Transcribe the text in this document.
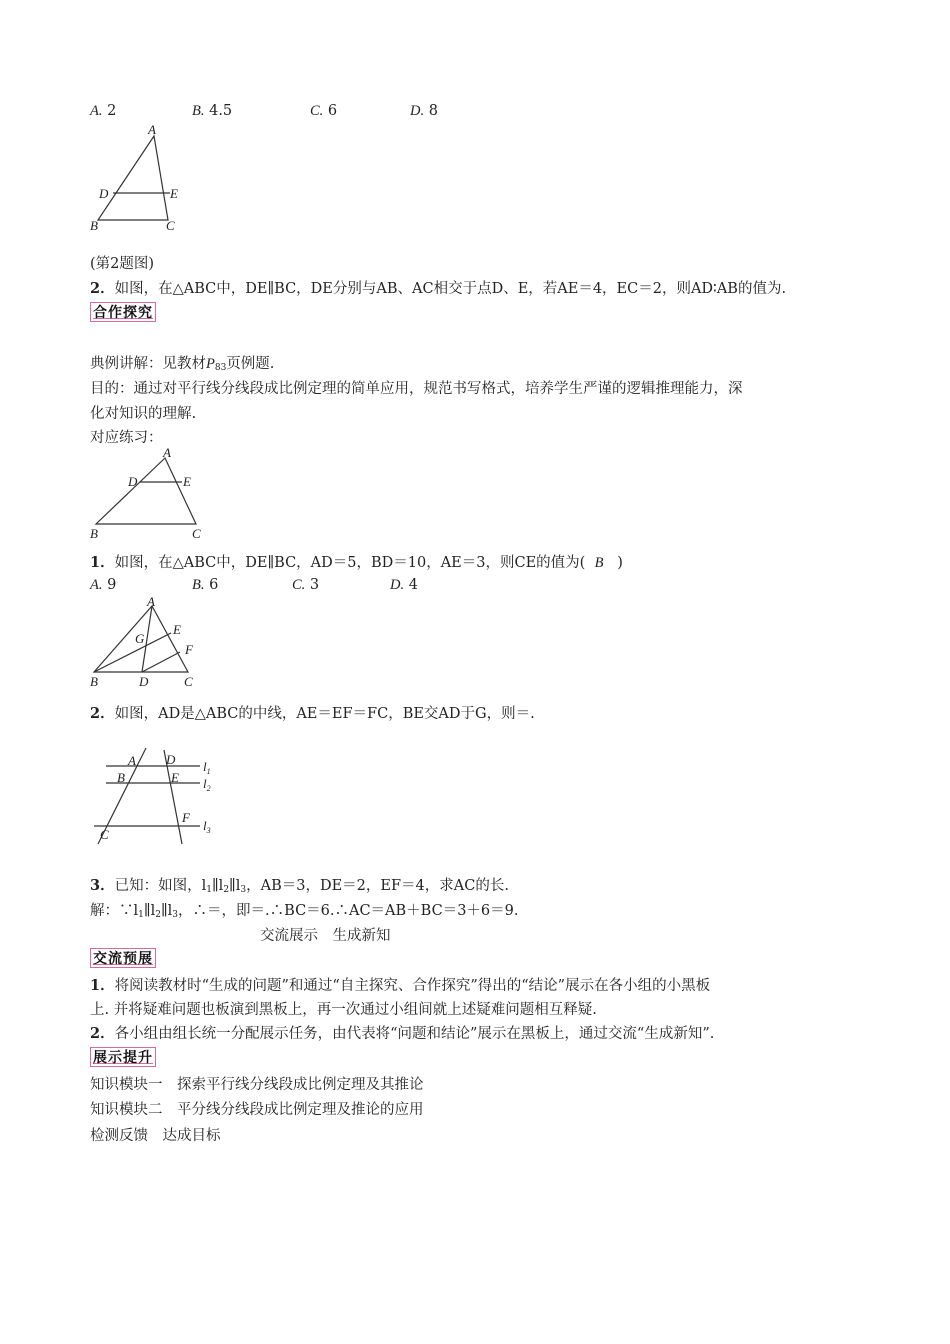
A. 2	B. 4.5	C. 6	D. 8
A
D	E
B	C
(第2题图)
2．如图，在△ABC中，DE∥BC，DE分别与AB、AC相交于点D、E，若AE＝4，EC＝2，则AD∶AB的值为.
合作探究
典例讲解：见教材$P_{83}$页例题.
目的：通过对平行线分线段成比例定理的简单应用，规范书写格式，培养学生严谨的逻辑推理能力，深
化对知识的理解.
对应练习：
A
D	E
B	C
1．如图，在△ABC中，DE∥BC，AD＝5，BD＝10，AE＝3，则CE的值为( B )
A. 9	B. 6	C. 3	D. 4
A
G
E
F
B	D	C
2．如图，AD是△ABC的中线，AE＝EF＝FC，BE交AD于G，则＝.
A D
B	E
F
C
$l_1$
$l_2$
$l_3$
3．已知：如图，$l_1\parallel l_2\parallel l_3$，AB＝3，DE＝2，EF＝4，求AC的长.
解：$\because l_1\parallel l_2\parallel l_3$，∴＝，即＝.∴BC＝6.∴AC＝AB＋BC＝3＋6＝9.
交流展示　生成新知
交流预展
1．将阅读教材时“生成的问题”和通过“自主探究、合作探究”得出的“结论”展示在各小组的小黑板
上. 并将疑难问题也板演到黑板上，再一次通过小组间就上述疑难问题相互释疑.
2．各小组由组长统一分配展示任务，由代表将“问题和结论”展示在黑板上，通过交流“生成新知”.
展示提升
知识模块一　探索平行线分线段成比例定理及其推论
知识模块二　平分线分线段成比例定理及推论的应用
检测反馈　达成目标
